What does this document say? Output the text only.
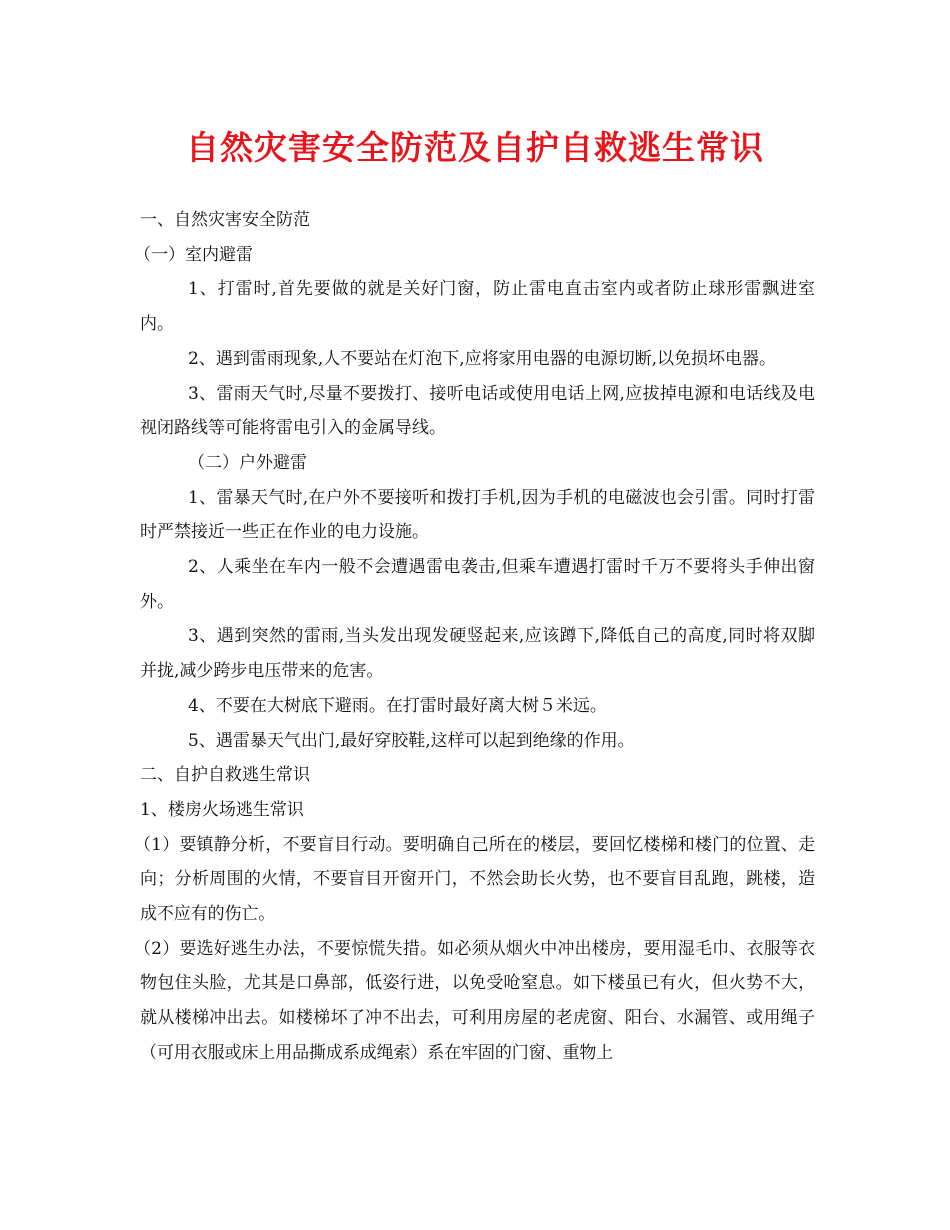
自然灾害安全防范及自护自救逃生常识

一、自然灾害安全防范

（一）室内避雷

1、打雷时,首先要做的就是关好门窗，防止雷电直击室内或者防止球形雷飘进室内。

2、遇到雷雨现象,人不要站在灯泡下,应将家用电器的电源切断,以免损坏电器。

3、雷雨天气时,尽量不要拨打、接听电话或使用电话上网,应拔掉电源和电话线及电视闭路线等可能将雷电引入的金属导线。

（二）户外避雷

1、雷暴天气时,在户外不要接听和拨打手机,因为手机的电磁波也会引雷。同时打雷时严禁接近一些正在作业的电力设施。

2、人乘坐在车内一般不会遭遇雷电袭击,但乘车遭遇打雷时千万不要将头手伸出窗外。

3、遇到突然的雷雨,当头发出现发硬竖起来,应该蹲下,降低自己的高度,同时将双脚并拢,减少跨步电压带来的危害。

4、不要在大树底下避雨。在打雷时最好离大树５米远。

5、遇雷暴天气出门,最好穿胶鞋,这样可以起到绝缘的作用。

二、自护自救逃生常识

1、楼房火场逃生常识

（1）要镇静分析，不要盲目行动。要明确自己所在的楼层，要回忆楼梯和楼门的位置、走向；分析周围的火情，不要盲目开窗开门，不然会助长火势，也不要盲目乱跑，跳楼，造成不应有的伤亡。

（2）要选好逃生办法，不要惊慌失措。如必须从烟火中冲出楼房，要用湿毛巾、衣服等衣物包住头脸，尤其是口鼻部，低姿行进，以免受呛窒息。如下楼虽已有火，但火势不大，就从楼梯冲出去。如楼梯坏了冲不出去，可利用房屋的老虎窗、阳台、水漏管、或用绳子（可用衣服或床上用品撕成系成绳索）系在牢固的门窗、重物上
